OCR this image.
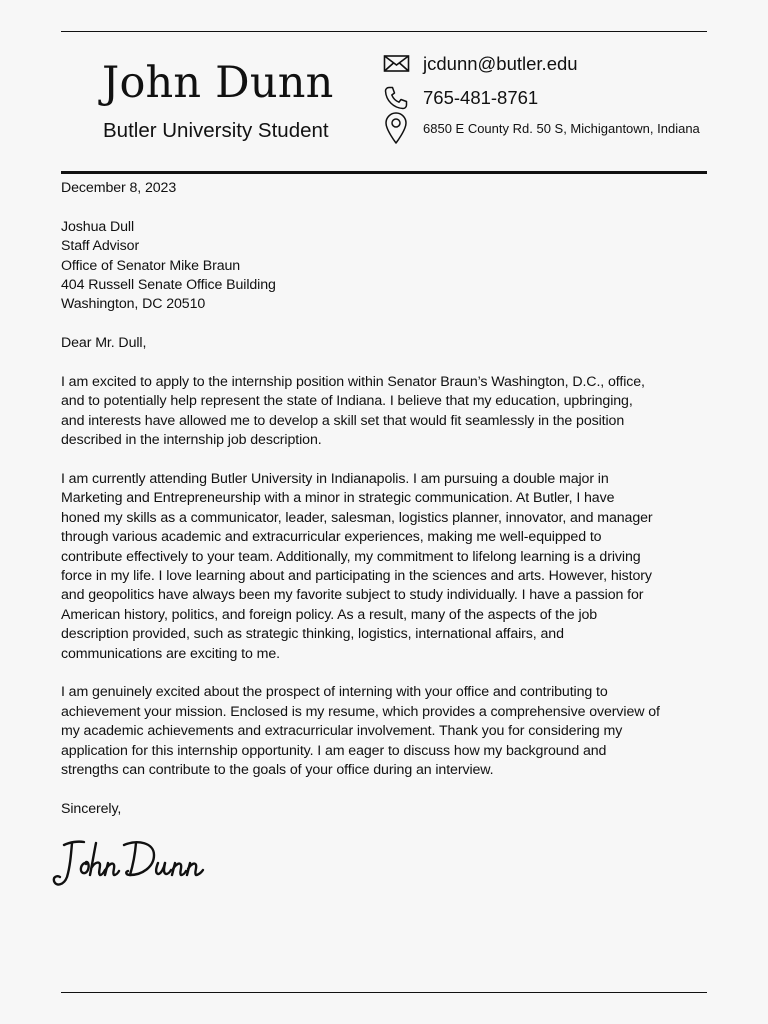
John Dunn
Butler University Student
jcdunn@butler.edu
765-481-8761
6850 E County Rd. 50 S, Michigantown, Indiana

December 8, 2023

Joshua Dull
Staff Advisor
Office of Senator Mike Braun
404 Russell Senate Office Building
Washington, DC 20510

Dear Mr. Dull,

I am excited to apply to the internship position within Senator Braun’s Washington, D.C., office,
and to potentially help represent the state of Indiana. I believe that my education, upbringing,
and interests have allowed me to develop a skill set that would fit seamlessly in the position
described in the internship job description.

I am currently attending Butler University in Indianapolis. I am pursuing a double major in
Marketing and Entrepreneurship with a minor in strategic communication. At Butler, I have
honed my skills as a communicator, leader, salesman, logistics planner, innovator, and manager
through various academic and extracurricular experiences, making me well-equipped to
contribute effectively to your team. Additionally, my commitment to lifelong learning is a driving
force in my life. I love learning about and participating in the sciences and arts. However, history
and geopolitics have always been my favorite subject to study individually. I have a passion for
American history, politics, and foreign policy. As a result, many of the aspects of the job
description provided, such as strategic thinking, logistics, international affairs, and
communications are exciting to me.

I am genuinely excited about the prospect of interning with your office and contributing to
achievement your mission. Enclosed is my resume, which provides a comprehensive overview of
my academic achievements and extracurricular involvement. Thank you for considering my
application for this internship opportunity. I am eager to discuss how my background and
strengths can contribute to the goals of your office during an interview.

Sincerely,
